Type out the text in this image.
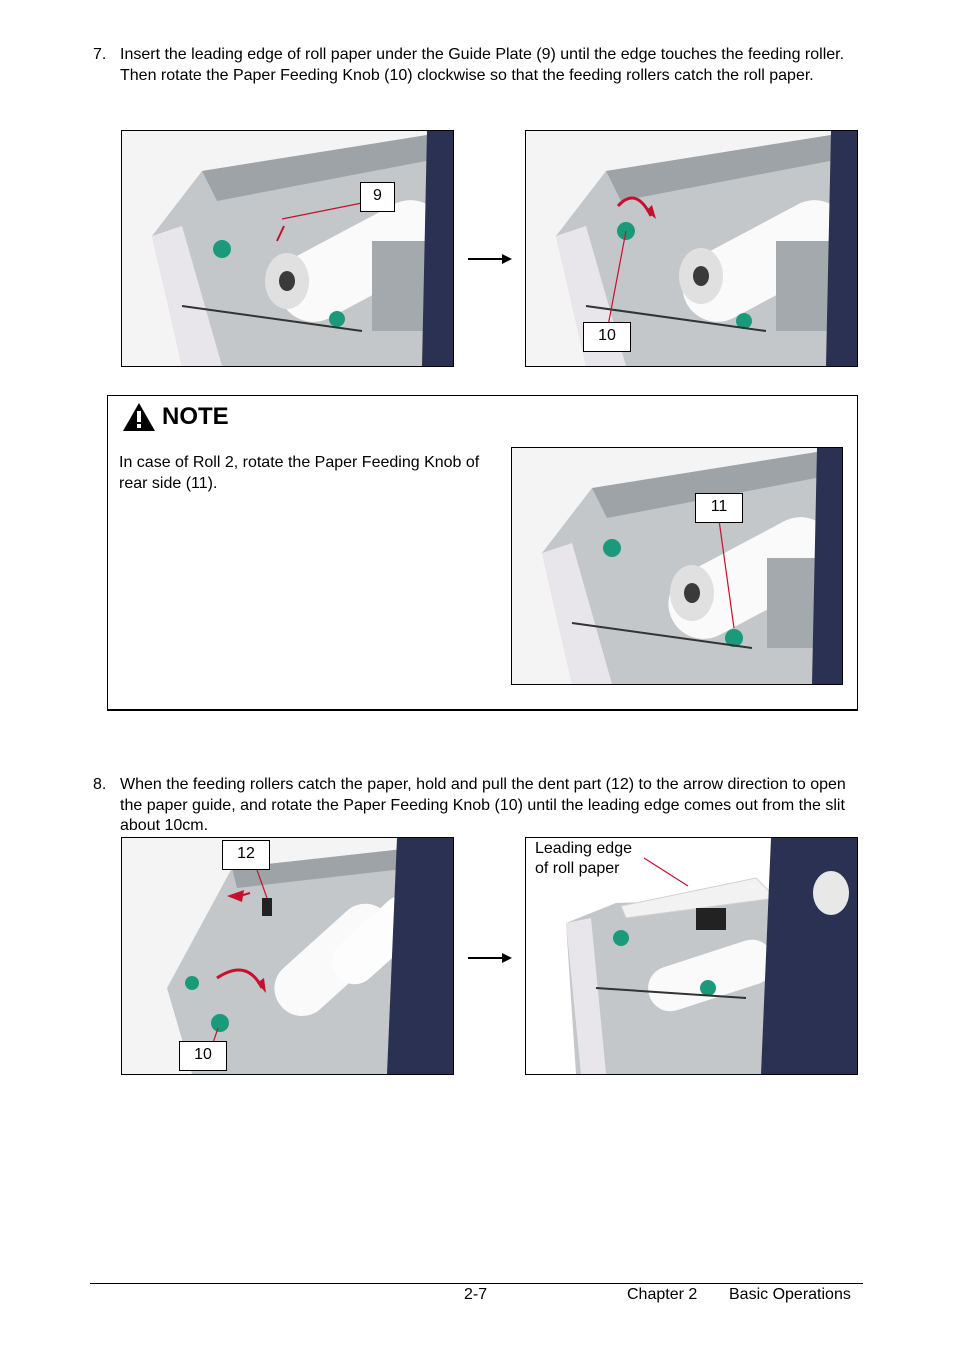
7. Insert the leading edge of roll paper under the Guide Plate (9) until the edge touches the feeding roller.

Then rotate the Paper Feeding Knob (10) clockwise so that the feeding rollers catch the roll paper.

9
10
NOTE
In case of Roll 2, rotate the Paper Feeding Knob of rear side (11).
11
8. When the feeding rollers catch the paper, hold and pull the dent part (12) to the arrow direction to open the paper guide, and rotate the Paper Feeding Knob (10) until the leading edge comes out from the slit about 10cm.

12
10
Leading edge
of roll paper
2-7	Chapter 2 Basic Operations
